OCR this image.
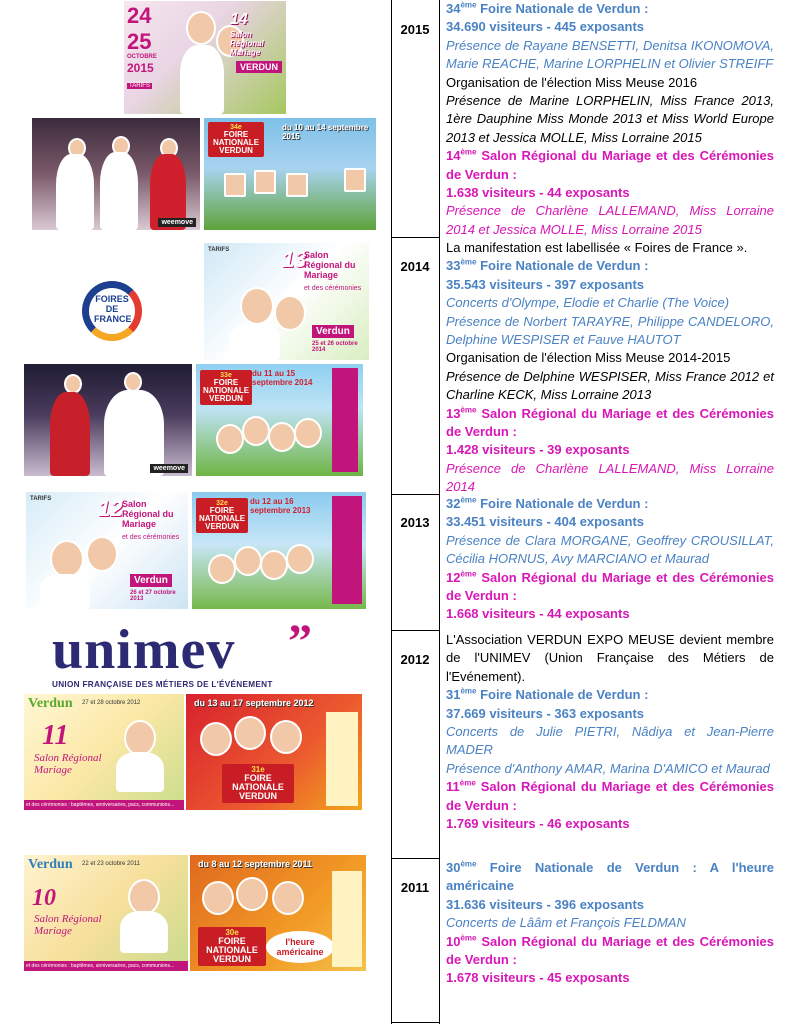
24
25
OCTOBRE
2015
TARIFS
14
Salon Régional Mariage
VERDUN
weemove
34e
FOIRE NATIONALE VERDUN
du 10 au 14 septembre 2015
TARIFS 13
Salon Régional du Mariage
et des cérémonies
Verdun
25 et 26 octobre 2014
FOIRES
DE
FRANCE
weemove
33e
FOIRE NATIONALE VERDUN
du 11 au 15 septembre 2014
TARIFS 12 Salon Régional du Mariage
et des cérémonies
Verdun
26 et 27 octobre 2013
32e
FOIRE NATIONALE VERDUN
du 12 au 16 septembre 2013
unimev ”
UNION FRANÇAISE DES MÉTIERS DE L'ÉVÉNEMENT
Verdun 27 et 28 octobre 2012
11
Salon Régional Mariage
et des cérémonies : baptêmes, anniversaires, pacs, communions...
du 13 au 17 septembre 2012
31e
FOIRE NATIONALE VERDUN
Verdun 22 et 23 octobre 2011
10
Salon Régional Mariage
et des cérémonies : baptêmes, anniversaires, pacs, communions...
du 8 au 12 septembre 2011
30e
FOIRE NATIONALE VERDUN
l'heure américaine
2015
2014
2013
2012
2011

34ème Foire Nationale de Verdun :

34.690 visiteurs - 445 exposants

Présence de Rayane BENSETTI, Denitsa IKONOMOVA, Marie REACHE, Marine LORPHELIN et Olivier STREIFF

Organisation de l'élection Miss Meuse 2016

Présence de Marine LORPHELIN, Miss France 2013, 1ère Dauphine Miss Monde 2013 et Miss World Europe 2013 et Jessica MOLLE, Miss Lorraine 2015

14ème Salon Régional du Mariage et des Cérémonies de Verdun :

1.638 visiteurs - 44 exposants

Présence de Charlène LALLEMAND, Miss Lorraine 2014 et Jessica MOLLE, Miss Lorraine 2015

La manifestation est labellisée « Foires de France ».

33ème Foire Nationale de Verdun :

35.543 visiteurs - 397 exposants

Concerts d'Olympe, Elodie et Charlie (The Voice)

Présence de Norbert TARAYRE, Philippe CANDELORO, Delphine WESPISER et Fauve HAUTOT

Organisation de l'élection Miss Meuse 2014-2015

Présence de Delphine WESPISER, Miss France 2012 et Charline KECK, Miss Lorraine 2013

13ème Salon Régional du Mariage et des Cérémonies de Verdun :

1.428 visiteurs - 39 exposants

Présence de Charlène LALLEMAND, Miss Lorraine 2014

32ème Foire Nationale de Verdun :

33.451 visiteurs - 404 exposants

Présence de Clara MORGANE, Geoffrey CROUSILLAT, Cécilia HORNUS, Avy MARCIANO et Maurad

12ème Salon Régional du Mariage et des Cérémonies de Verdun :

1.668 visiteurs - 44 exposants

L'Association VERDUN EXPO MEUSE devient membre de l'UNIMEV (Union Française des Métiers de l'Evénement).

31ème Foire Nationale de Verdun :

37.669 visiteurs - 363 exposants

Concerts de Julie PIETRI, Nâdiya et Jean-Pierre MADER

Présence d'Anthony AMAR, Marina D'AMICO et Maurad

11ème Salon Régional du Mariage et des Cérémonies de Verdun :

1.769 visiteurs - 46 exposants

30ème Foire Nationale de Verdun : A l'heure américaine

31.636 visiteurs - 396 exposants

Concerts de Lââm et François FELDMAN

10ème Salon Régional du Mariage et des Cérémonies de Verdun :

1.678 visiteurs - 45 exposants
